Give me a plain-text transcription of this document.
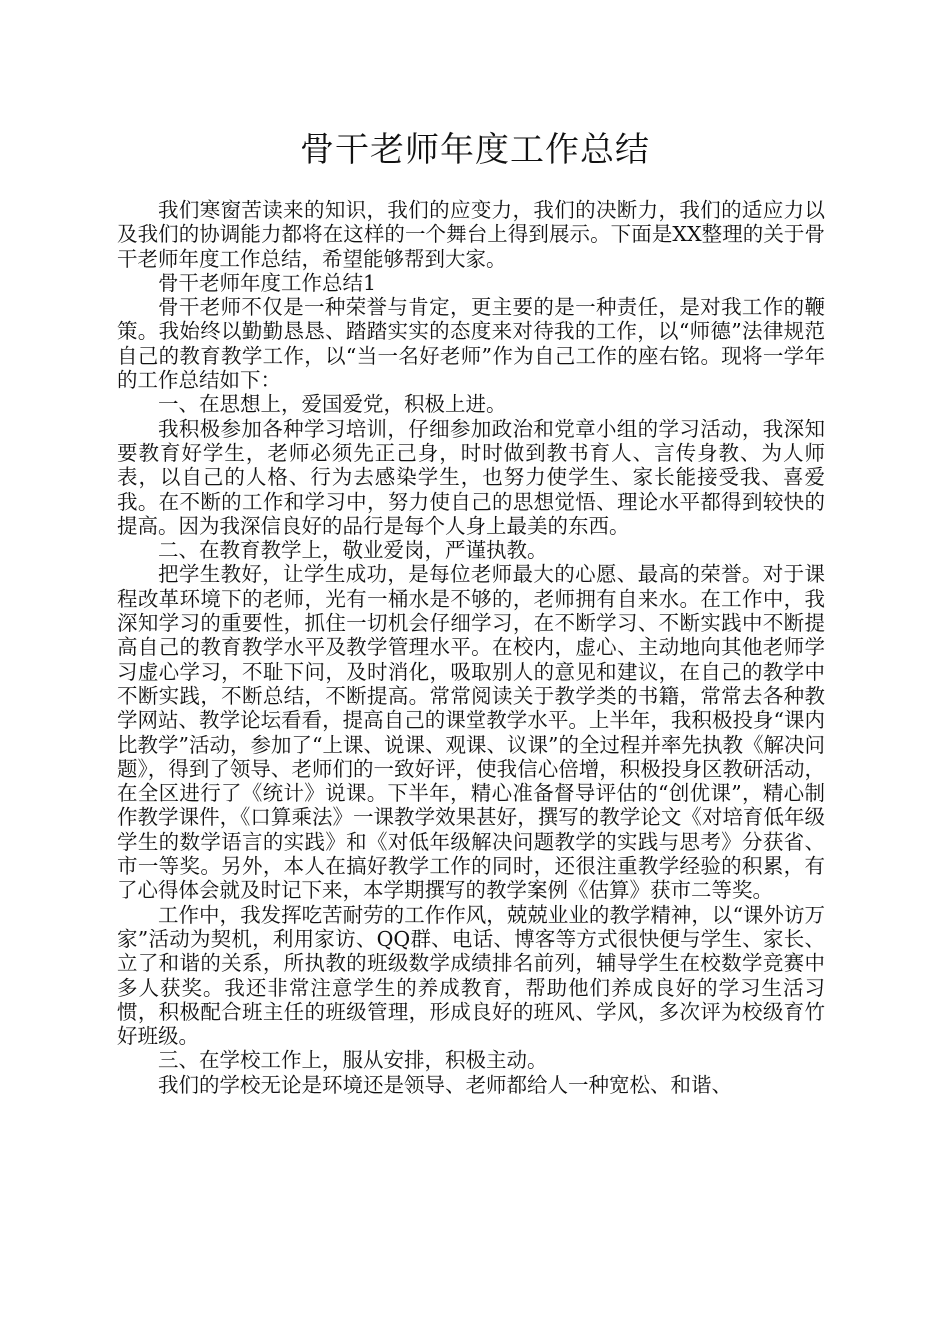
骨干老师年度工作总结

我们寒窗苦读来的知识，我们的应变力，我们的决断力，我们的适应力以及我们的协调能力都将在这样的一个舞台上得到展示。下面是XX整理的关于骨干老师年度工作总结，希望能够帮到大家。

骨干老师年度工作总结1

骨干老师不仅是一种荣誉与肯定，更主要的是一种责任，是对我工作的鞭策。我始终以勤勤恳恳、踏踏实实的态度来对待我的工作，以“师德”法律规范自己的教育教学工作，以“当一名好老师”作为自己工作的座右铭。现将一学年的工作总结如下：

一、在思想上，爱国爱党，积极上进。

我积极参加各种学习培训，仔细参加政治和党章小组的学习活动，我深知要教育好学生，老师必须先正己身，时时做到教书育人、言传身教、为人师表，以自己的人格、行为去感染学生，也努力使学生、家长能接受我、喜爱我。在不断的工作和学习中，努力使自己的思想觉悟、理论水平都得到较快的提高。因为我深信良好的品行是每个人身上最美的东西。

二、在教育教学上，敬业爱岗，严谨执教。

把学生教好，让学生成功，是每位老师最大的心愿、最高的荣誉。对于课程改革环境下的老师，光有一桶水是不够的，老师拥有自来水。在工作中，我深知学习的重要性，抓住一切机会仔细学习，在不断学习、不断实践中不断提高自己的教育教学水平及教学管理水平。在校内，虚心、主动地向其他老师学习虚心学习，不耻下问，及时消化，吸取别人的意见和建议，在自己的教学中不断实践，不断总结，不断提高。常常阅读关于教学类的书籍，常常去各种教学网站、教学论坛看看，提高自己的课堂教学水平。上半年，我积极投身“课内比教学”活动，参加了“上课、说课、观课、议课”的全过程并率先执教《解决问题》，得到了领导、老师们的一致好评，使我信心倍增，积极投身区教研活动，在全区进行了《统计》说课。下半年，精心准备督导评估的“创优课”，精心制作教学课件，《口算乘法》一课教学效果甚好，撰写的教学论文《对培育低年级学生的数学语言的实践》和《对低年级解决问题教学的实践与思考》分获省、市一等奖。另外，本人在搞好教学工作的同时，还很注重教学经验的积累，有了心得体会就及时记下来，本学期撰写的教学案例《估算》获市二等奖。

工作中，我发挥吃苦耐劳的工作作风，兢兢业业的教学精神，以“课外访万家”活动为契机，利用家访、QQ群、电话、博客等方式很快便与学生、家长、立了和谐的关系，所执教的班级数学成绩排名前列，辅导学生在校数学竞赛中多人获奖。我还非常注意学生的养成教育，帮助他们养成良好的学习生活习惯，积极配合班主任的班级管理，形成良好的班风、学风，多次评为校级育竹好班级。

三、在学校工作上，服从安排，积极主动。

我们的学校无论是环境还是领导、老师都给人一种宽松、和谐、
